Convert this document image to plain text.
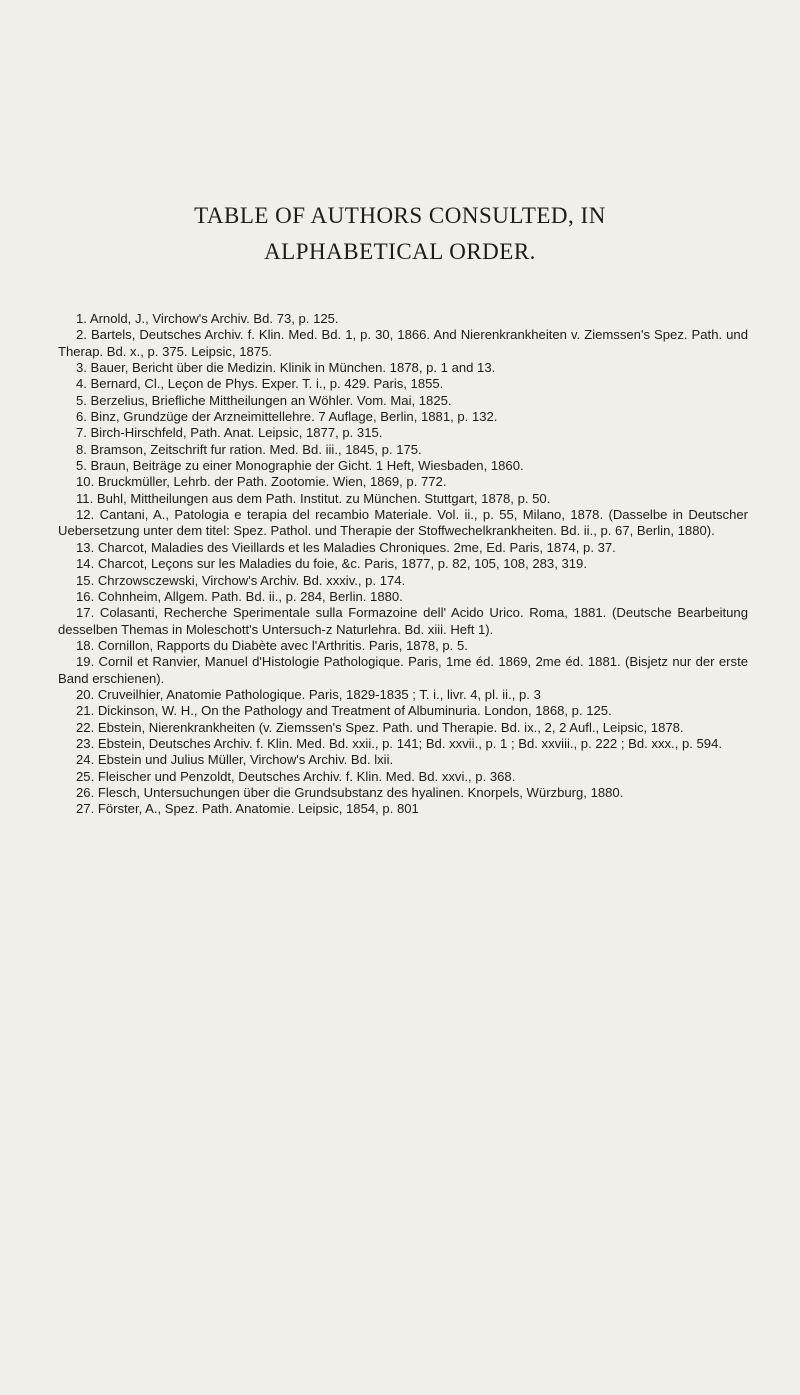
TABLE OF AUTHORS CONSULTED, IN
ALPHABETICAL ORDER.

1. Arnold, J., Virchow's Archiv. Bd. 73, p. 125.

2. Bartels, Deutsches Archiv. f. Klin. Med. Bd. 1, p. 30, 1866. And Nierenkrankheiten v. Ziemssen's Spez. Path. und Therap. Bd. x., p. 375. Leipsic, 1875.

3. Bauer, Bericht über die Medizin. Klinik in München. 1878, p. 1 and 13.

4. Bernard, Cl., Leçon de Phys. Exper. T. i., p. 429. Paris, 1855.

5. Berzelius, Briefliche Mittheilungen an Wöhler. Vom. Mai, 1825.

6. Binz, Grundzüge der Arzneimittellehre. 7 Auflage, Berlin, 1881, p. 132.

7. Birch-Hirschfeld, Path. Anat. Leipsic, 1877, p. 315.

8. Bramson, Zeitschrift fur ration. Med. Bd. iii., 1845, p. 175.

5. Braun, Beiträge zu einer Monographie der Gicht. 1 Heft, Wiesbaden, 1860.

10. Bruckmüller, Lehrb. der Path. Zootomie. Wien, 1869, p. 772.

11. Buhl, Mittheilungen aus dem Path. Institut. zu München. Stuttgart, 1878, p. 50.

12. Cantani, A., Patologia e terapia del recambio Materiale. Vol. ii., p. 55, Milano, 1878. (Dasselbe in Deutscher Uebersetzung unter dem titel: Spez. Pathol. und Therapie der Stoffwechelkrankheiten. Bd. ii., p. 67, Berlin, 1880).

13. Charcot, Maladies des Vieillards et les Maladies Chroniques. 2me, Ed. Paris, 1874, p. 37.

14. Charcot, Leçons sur les Maladies du foie, &c. Paris, 1877, p. 82, 105, 108, 283, 319.

15. Chrzowsczewski, Virchow's Archiv. Bd. xxxiv., p. 174.

16. Cohnheim, Allgem. Path. Bd. ii., p. 284, Berlin. 1880.

17. Colasanti, Recherche Sperimentale sulla Formazoine dell' Acido Urico. Roma, 1881. (Deutsche Bearbeitung desselben Themas in Moleschott's Untersuch-z Naturlehra. Bd. xiii. Heft 1).

18. Cornillon, Rapports du Diabète avec l'Arthritis. Paris, 1878, p. 5.

19. Cornil et Ranvier, Manuel d'Histologie Pathologique. Paris, 1me éd. 1869, 2me éd. 1881. (Bisjetz nur der erste Band erschienen).

20. Cruveilhier, Anatomie Pathologique. Paris, 1829-1835 ; T. i., livr. 4, pl. ii., p. 3

21. Dickinson, W. H., On the Pathology and Treatment of Albuminuria. London, 1868, p. 125.

22. Ebstein, Nierenkrankheiten (v. Ziemssen's Spez. Path. und Therapie. Bd. ix., 2, 2 Aufl., Leipsic, 1878.

23. Ebstein, Deutsches Archiv. f. Klin. Med. Bd. xxii., p. 141; Bd. xxvii., p. 1 ; Bd. xxviii., p. 222 ; Bd. xxx., p. 594.

24. Ebstein und Julius Müller, Virchow's Archiv. Bd. lxii.

25. Fleischer und Penzoldt, Deutsches Archiv. f. Klin. Med. Bd. xxvi., p. 368.

26. Flesch, Untersuchungen über die Grundsubstanz des hyalinen. Knorpels, Würzburg, 1880.

27. Förster, A., Spez. Path. Anatomie. Leipsic, 1854, p. 801
